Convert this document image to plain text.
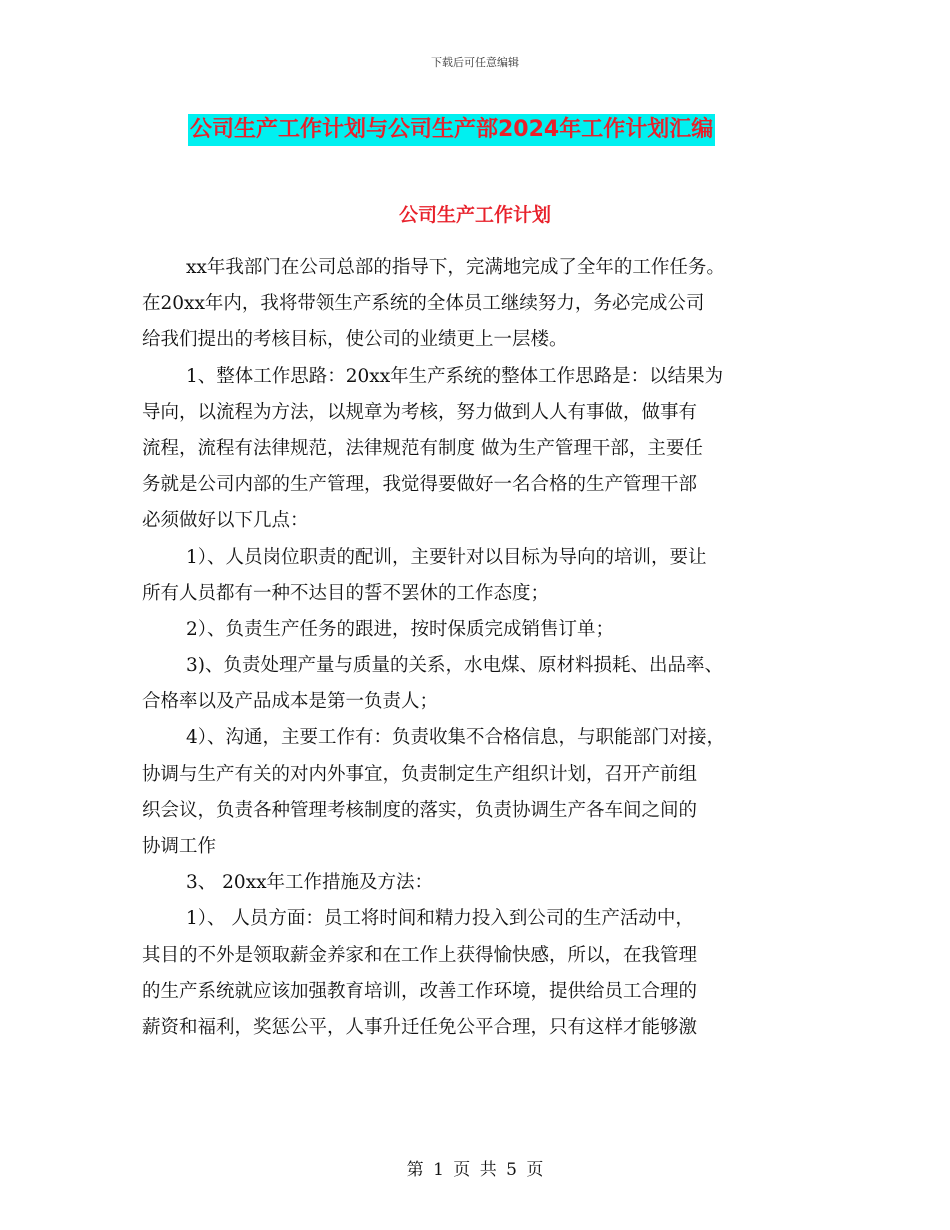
下载后可任意编辑
公司生产工作计划与公司生产部2024年工作计划汇编
公司生产工作计划
xx年我部门在公司总部的指导下，完满地完成了全年的工作任务。
在20xx年内，我将带领生产系统的全体员工继续努力，务必完成公司
给我们提出的考核目标，使公司的业绩更上一层楼。
1、整体工作思路：20xx年生产系统的整体工作思路是：以结果为
导向，以流程为方法，以规章为考核，努力做到人人有事做，做事有
流程，流程有法律规范，法律规范有制度 做为生产管理干部，主要任
务就是公司内部的生产管理，我觉得要做好一名合格的生产管理干部
必须做好以下几点：
1）、人员岗位职责的配训，主要针对以目标为导向的培训，要让
所有人员都有一种不达目的誓不罢休的工作态度；
2）、负责生产任务的跟进，按时保质完成销售订单；
3)、负责处理产量与质量的关系，水电煤、原材料损耗、出品率、
合格率以及产品成本是第一负责人；
4）、沟通，主要工作有：负责收集不合格信息，与职能部门对接，
协调与生产有关的对内外事宜，负责制定生产组织计划，召开产前组
织会议，负责各种管理考核制度的落实，负责协调生产各车间之间的
协调工作
3、 20xx年工作措施及方法：
1）、 人员方面：员工将时间和精力投入到公司的生产活动中，
其目的不外是领取薪金养家和在工作上获得愉快感，所以，在我管理
的生产系统就应该加强教育培训，改善工作环境，提供给员工合理的
薪资和福利，奖惩公平，人事升迁任免公平合理，只有这样才能够激
第 1 页 共 5 页
